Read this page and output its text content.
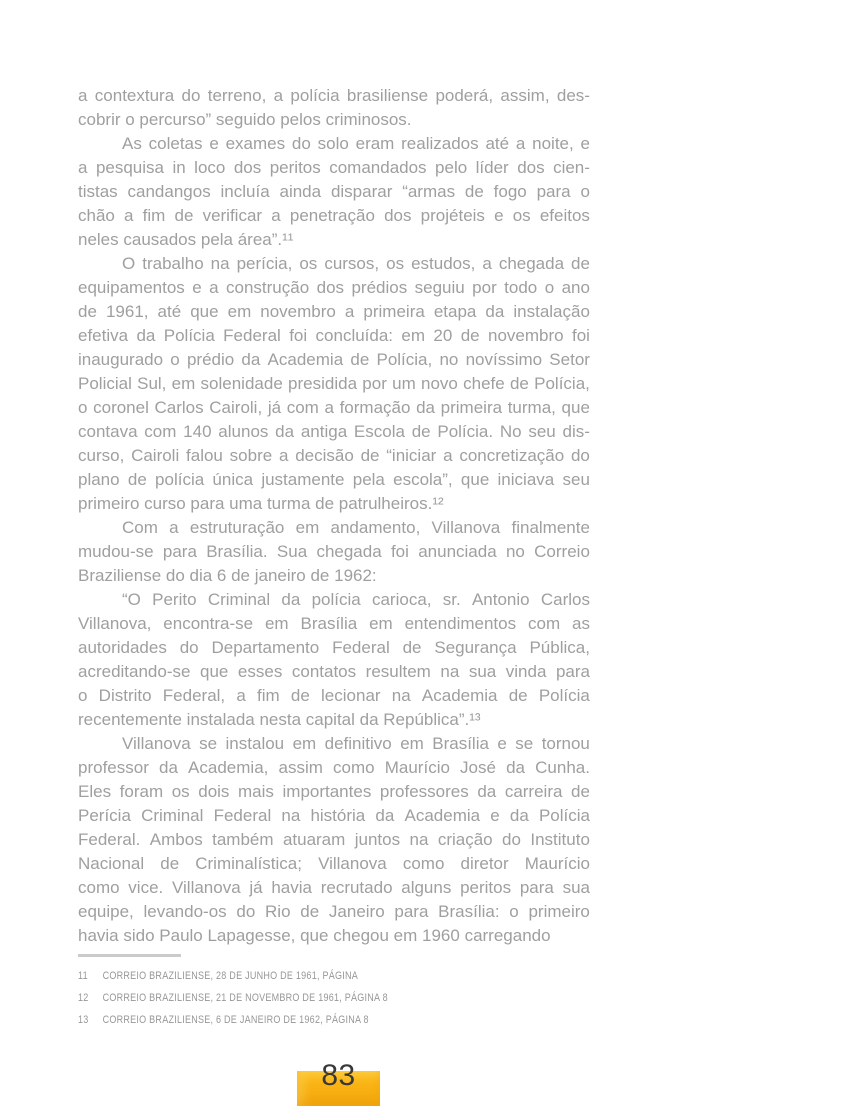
a contextura do terreno, a polícia brasiliense poderá, assim, des-
cobrir o percurso” seguido pelos criminosos.
As coletas e exames do solo eram realizados até a noite, e
a pesquisa in loco dos peritos comandados pelo líder dos cien-
tistas candangos incluía ainda disparar “armas de fogo para o
chão a fim de verificar a penetração dos projéteis e os efeitos
neles causados pela área”.¹¹
O trabalho na perícia, os cursos, os estudos, a chegada de
equipamentos e a construção dos prédios seguiu por todo o ano
de 1961, até que em novembro a primeira etapa da instalação
efetiva da Polícia Federal foi concluída: em 20 de novembro foi
inaugurado o prédio da Academia de Polícia, no novíssimo Setor
Policial Sul, em solenidade presidida por um novo chefe de Polícia,
o coronel Carlos Cairoli, já com a formação da primeira turma, que
contava com 140 alunos da antiga Escola de Polícia. No seu dis-
curso, Cairoli falou sobre a decisão de “iniciar a concretização do
plano de polícia única justamente pela escola”, que iniciava seu
primeiro curso para uma turma de patrulheiros.¹²
Com a estruturação em andamento, Villanova finalmente
mudou-se para Brasília. Sua chegada foi anunciada no Correio
Braziliense do dia 6 de janeiro de 1962:
“O Perito Criminal da polícia carioca, sr. Antonio Carlos
Villanova, encontra-se em Brasília em entendimentos com as
autoridades do Departamento Federal de Segurança Pública,
acreditando-se que esses contatos resultem na sua vinda para
o Distrito Federal, a fim de lecionar na Academia de Polícia
recentemente instalada nesta capital da República”.¹³
Villanova se instalou em definitivo em Brasília e se tornou
professor da Academia, assim como Maurício José da Cunha.
Eles foram os dois mais importantes professores da carreira de
Perícia Criminal Federal na história da Academia e da Polícia
Federal. Ambos também atuaram juntos na criação do Instituto
Nacional de Criminalística; Villanova como diretor Maurício
como vice. Villanova já havia recrutado alguns peritos para sua
equipe, levando-os do Rio de Janeiro para Brasília: o primeiro
havia sido Paulo Lapagesse, que chegou em 1960 carregando
11 CORREIO BRAZILIENSE, 28 DE JUNHO DE 1961, PÁGINA
12 CORREIO BRAZILIENSE, 21 DE NOVEMBRO DE 1961, PÁGINA 8
13 CORREIO BRAZILIENSE, 6 DE JANEIRO DE 1962, PÁGINA 8
83
